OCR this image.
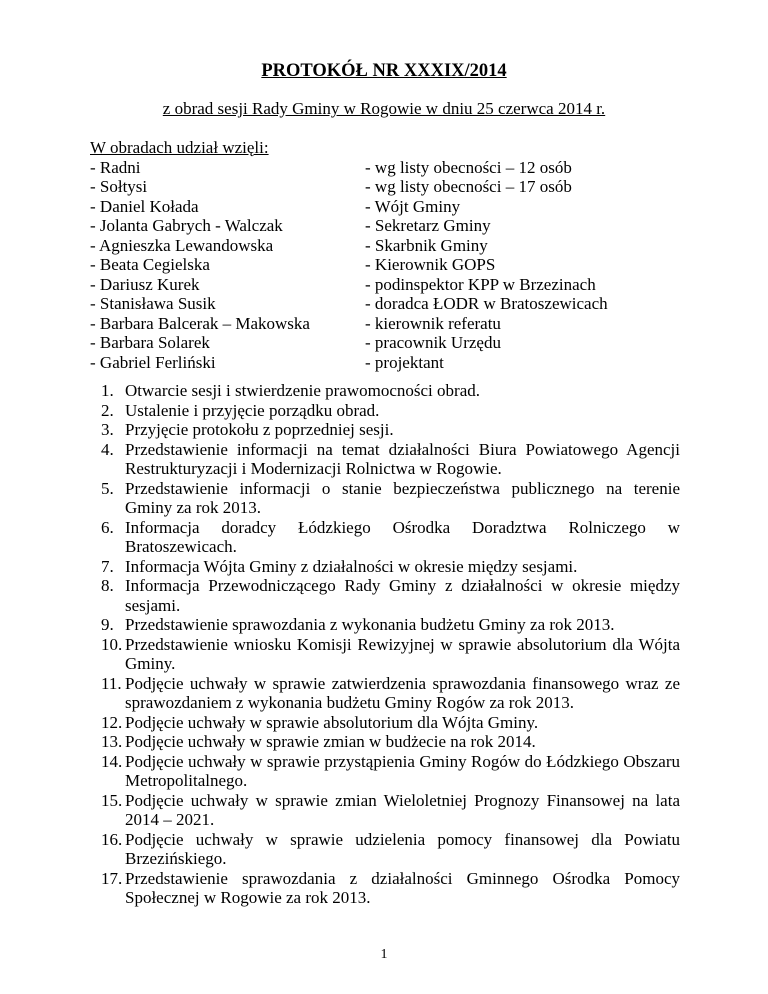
PROTOKÓŁ NR XXXIX/2014
z obrad sesji Rady Gminy w Rogowie w dniu 25 czerwca 2014 r.

W obradach udział wzięli:

- Radni	- wg listy obecności – 12 osób
- Sołtysi	- wg listy obecności – 17 osób
- Daniel Kołada	- Wójt Gminy
- Jolanta Gabrych - Walczak	- Sekretarz Gminy
- Agnieszka Lewandowska	- Skarbnik Gminy
- Beata Cegielska	- Kierownik GOPS
- Dariusz Kurek	- podinspektor KPP w Brzezinach
- Stanisława Susik	- doradca ŁODR w Bratoszewicach
- Barbara Balcerak – Makowska	- kierownik referatu
- Barbara Solarek	- pracownik Urzędu
- Gabriel Ferliński	- projektant
1. Otwarcie sesji i stwierdzenie prawomocności obrad.
2. Ustalenie i przyjęcie porządku obrad.
3. Przyjęcie protokołu z poprzedniej sesji.
4. Przedstawienie informacji na temat działalności Biura Powiatowego Agencji Restrukturyzacji i Modernizacji Rolnictwa w Rogowie.
5. Przedstawienie informacji o stanie bezpieczeństwa publicznego na terenie Gminy za rok 2013.
6. Informacja doradcy Łódzkiego Ośrodka Doradztwa Rolniczego w Bratoszewicach.
7. Informacja Wójta Gminy z działalności w okresie między sesjami.
8. Informacja Przewodniczącego Rady Gminy z działalności w okresie między sesjami.
9. Przedstawienie sprawozdania z wykonania budżetu Gminy za rok 2013.
10. Przedstawienie wniosku Komisji Rewizyjnej w sprawie absolutorium dla Wójta Gminy.
11. Podjęcie uchwały w sprawie zatwierdzenia sprawozdania finansowego wraz ze sprawozdaniem z wykonania budżetu Gminy Rogów za rok 2013.
12. Podjęcie uchwały w sprawie absolutorium dla Wójta Gminy.
13. Podjęcie uchwały w sprawie zmian w budżecie na rok 2014.
14. Podjęcie uchwały w sprawie przystąpienia Gminy Rogów do Łódzkiego Obszaru Metropolitalnego.
15. Podjęcie uchwały w sprawie zmian Wieloletniej Prognozy Finansowej na lata 2014 – 2021.
16. Podjęcie uchwały w sprawie udzielenia pomocy finansowej dla Powiatu Brzezińskiego.
17. Przedstawienie sprawozdania z działalności Gminnego Ośrodka Pomocy Społecznej w Rogowie za rok 2013.
1
